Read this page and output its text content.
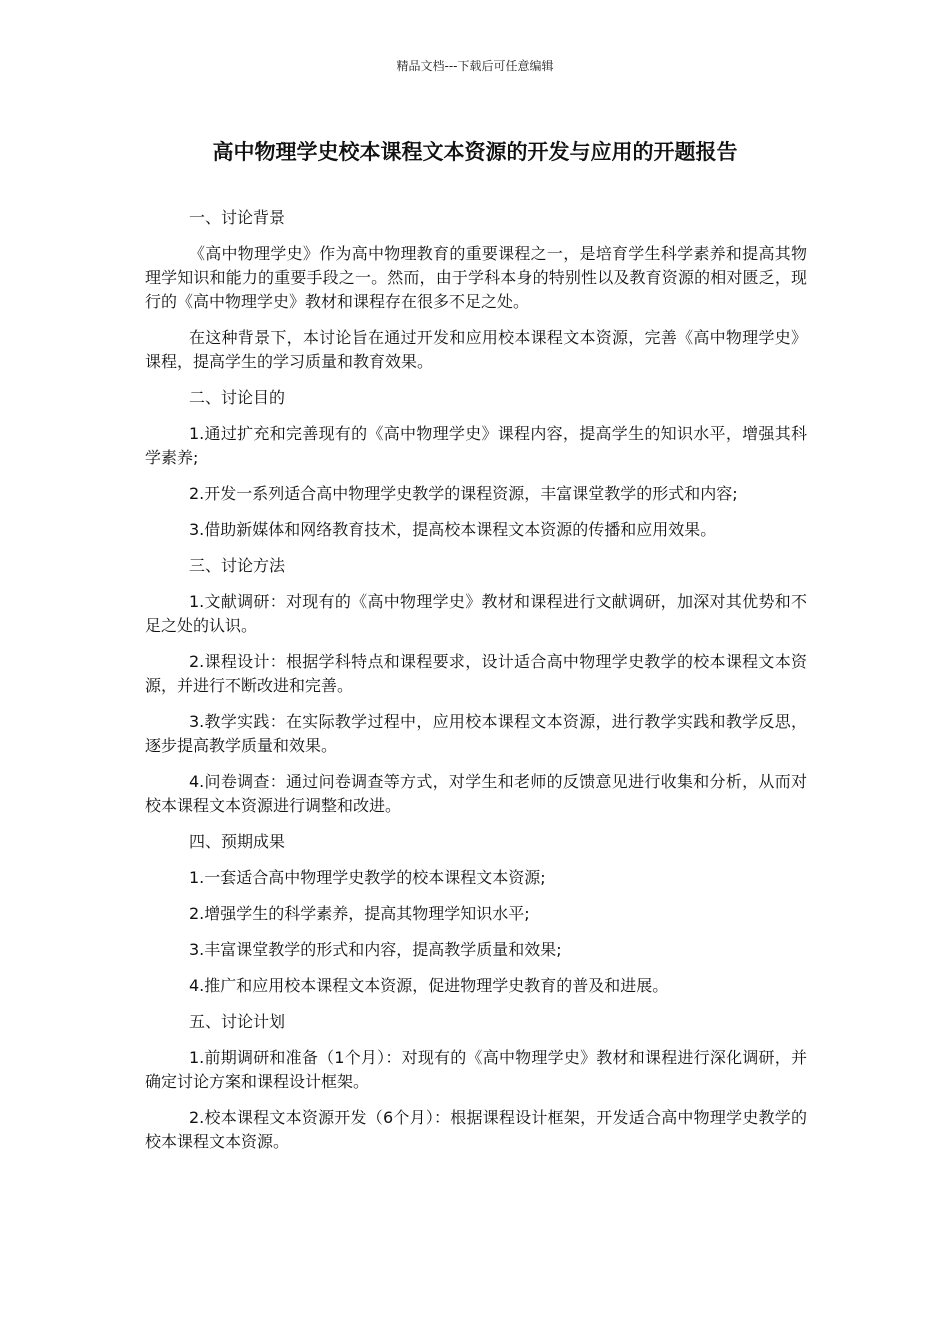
精品文档---下载后可任意编辑
高中物理学史校本课程文本资源的开发与应用的开题报告

一、讨论背景

《高中物理学史》作为高中物理教育的重要课程之一，是培育学生科学素养和提高其物理学知识和能力的重要手段之一。然而，由于学科本身的特别性以及教育资源的相对匮乏，现行的《高中物理学史》教材和课程存在很多不足之处。

在这种背景下，本讨论旨在通过开发和应用校本课程文本资源，完善《高中物理学史》课程，提高学生的学习质量和教育效果。

二、讨论目的

1.通过扩充和完善现有的《高中物理学史》课程内容，提高学生的知识水平，增强其科学素养;

2.开发一系列适合高中物理学史教学的课程资源，丰富课堂教学的形式和内容;

3.借助新媒体和网络教育技术，提高校本课程文本资源的传播和应用效果。

三、讨论方法

1.文献调研：对现有的《高中物理学史》教材和课程进行文献调研，加深对其优势和不足之处的认识。

2.课程设计：根据学科特点和课程要求，设计适合高中物理学史教学的校本课程文本资源，并进行不断改进和完善。

3.教学实践：在实际教学过程中，应用校本课程文本资源，进行教学实践和教学反思，逐步提高教学质量和效果。

4.问卷调查：通过问卷调查等方式，对学生和老师的反馈意见进行收集和分析，从而对校本课程文本资源进行调整和改进。

四、预期成果

1.一套适合高中物理学史教学的校本课程文本资源;

2.增强学生的科学素养，提高其物理学知识水平;

3.丰富课堂教学的形式和内容，提高教学质量和效果;

4.推广和应用校本课程文本资源，促进物理学史教育的普及和进展。

五、讨论计划

1.前期调研和准备（1个月）：对现有的《高中物理学史》教材和课程进行深化调研，并确定讨论方案和课程设计框架。

2.校本课程文本资源开发（6个月）：根据课程设计框架，开发适合高中物理学史教学的校本课程文本资源。
